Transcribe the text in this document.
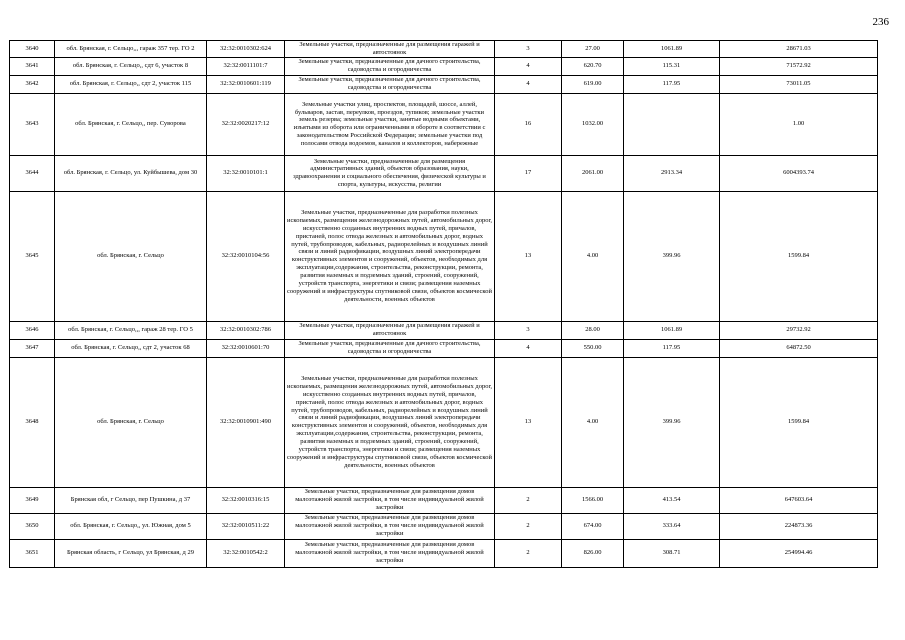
236
3640	обл. Брянская, г. Сельцо,,, гараж 357 тер. ГО 2	32:32:0010302:624	Земельные участки, предназначенные для размещения гаражей и автостоянок	3	27.00	1061.89	28671.03
3641	обл. Брянская, г. Сельцо,, сдт 6, участок 8	32:32:0011101:7	Земельные участки, предназначенные для дачного строительства, садоводства и огородничества	4	620.70	115.31	71572.92
3642	обл. Брянская, г. Сельцо,, сдт 2, участок 115	32:32:0010601:119	Земельные участки, предназначенные для дачного строительства, садоводства и огородничества	4	619.00	117.95	73011.05
3643	обл. Брянская, г. Сельцо,, пер. Суворова	32:32:0020217:12	Земельные участки улиц, проспектов, площадей, шоссе, аллей, бульваров, застав, переулков, проездов, тупиков; земельные участки земель резерва; земельные участки, занятые водными объектами, изъятыми из оборота или ограниченными в обороте в соответствии с законодательством Российской Федерации; земельные участки под полосами отвода водоемов, каналов и коллекторов, набережные	16	1032.00		1.00
3644	обл. Брянская, г. Сельцо, ул. Куйбышева, дом 30	32:32:0010101:1	Земельные участки, предназначенные для размещения административных зданий, объектов образования, науки, здравоохранения и социального обеспечения, физической культуры и спорта, культуры, искусства, религии	17	2061.00	2913.34	6004393.74
3645	обл. Брянская, г. Сельцо	32:32:0010104:56	Земельные участки, предназначенные для разработки полезных ископаемых, размещения железнодорожных путей, автомобильных дорог, искусственно созданных внутренних водных путей, причалов, пристаней, полос отвода железных и автомобильных дорог, водных путей, трубопроводов, кабельных, радиорелейных и воздушных линий связи и линий радиофикации, воздушных линий электропередачи конструктивных элементов и сооружений, объектов, необходимых для эксплуатации,содержания, строительства, реконструкции, ремонта, развития наземных и подземных зданий, строений, сооружений, устройств транспорта, энергетики и связи; размещения наземных сооружений и инфраструктуры спутниковой связи, объектов космической деятельности, военных объектов	13	4.00	399.96	1599.84
3646	обл. Брянская, г. Сельцо,,, гараж 28 тер. ГО 5	32:32:0010302:786	Земельные участки, предназначенные для размещения гаражей и автостоянок	3	28.00	1061.89	29732.92
3647	обл. Брянская, г. Сельцо,, сдт 2, участок 68	32:32:0010601:70	Земельные участки, предназначенные для дачного строительства, садоводства и огородничества	4	550.00	117.95	64872.50
3648	обл. Брянская, г. Сельцо	32:32:0010901:490	Земельные участки, предназначенные для разработки полезных ископаемых, размещения железнодорожных путей, автомобильных дорог, искусственно созданных внутренних водных путей, причалов, пристаней, полос отвода железных и автомобильных дорог, водных путей, трубопроводов, кабельных, радиорелейных и воздушных линий связи и линий радиофикации, воздушных линий электропередачи конструктивных элементов и сооружений, объектов, необходимых для эксплуатации,содержания, строительства, реконструкции, ремонта, развития наземных и подземных зданий, строений, сооружений, устройств транспорта, энергетики и связи; размещения наземных сооружений и инфраструктуры спутниковой связи, объектов космической деятельности, военных объектов	13	4.00	399.96	1599.84
3649	Брянская обл, г Сельцо, пер Пушкина, д 37	32:32:0010316:15	Земельные участки, предназначенные для размещения домов малоэтажной жилой застройки, в том числе индивидуальной жилой застройки	2	1566.00	413.54	647603.64
3650	обл. Брянская, г. Сельцо,, ул. Южная, дом 5	32:32:0010511:22	Земельные участки, предназначенные для размещения домов малоэтажной жилой застройки, в том числе индивидуальной жилой застройки	2	674.00	333.64	224873.36
3651	Брянская область, г Сельцо, ул Брянская, д 29	32:32:0010542:2	Земельные участки, предназначенные для размещения домов малоэтажной жилой застройки, в том числе индивидуальной жилой застройки	2	826.00	308.71	254994.46
